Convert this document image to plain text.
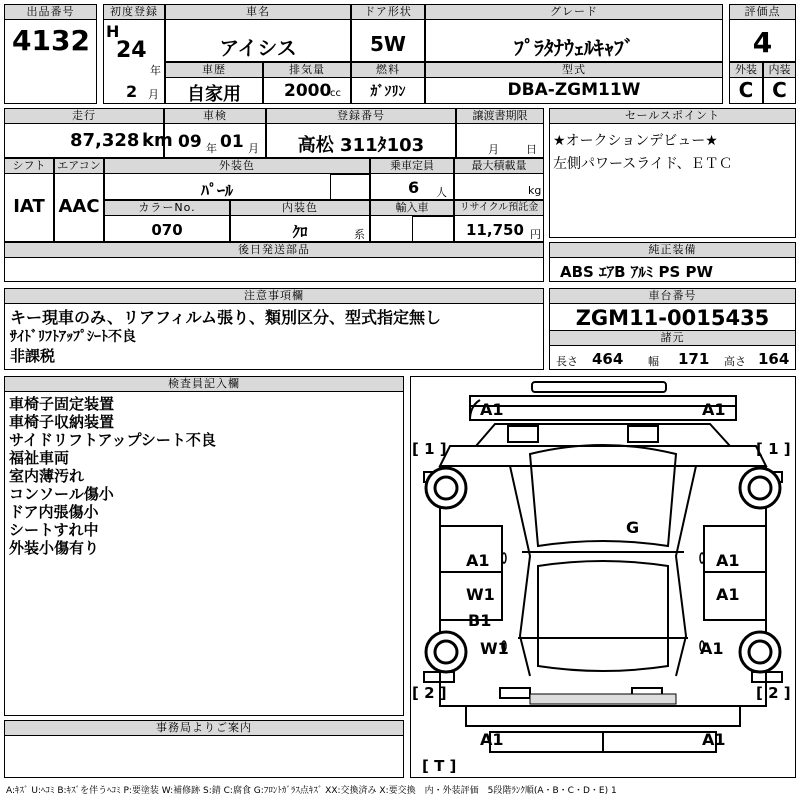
出品番号
4132
初度登録
H
24
年
2 月
車名
アイシス
ドア形状
5W
グレード
ﾌﾟﾗﾀﾅｳｪﾙｷｬﾌﾞ
評価点
4
車歴
自家用
排気量
2000
cc
燃料
ｶﾞｿﾘﾝ
型式
DBA-ZGM11W
外装
C
内装
C
走行
87,328 km
車検
09 年 01 月
登録番号
高松 311ﾀ103
譲渡書期限
月 日
セールスポイント
★オークションデビュー★
左側パワースライド、ＥＴＣ
シフト
IAT
エアコン
AAC
外装色
ﾊﾟｰﾙ
乗車定員
6 人
最大積載量
kg
カラーNo.
070
内装色
ｸﾛ	系
輸入車	リサイクル預託金
11,750 円
後日発送部品	純正装備
ABS ｴｱB ｱﾙﾐ PS PW
注意事項欄
キー現車のみ、リアフィルム張り、類別区分、型式指定無し
ｻｲﾄﾞﾘﾌﾄｱｯﾌﾟｼｰﾄ不良
非課税
車台番号
ZGM11-0015435
諸元
長さ 464 幅 171 高さ 164
検査員記入欄
車椅子固定装置
車椅子収納装置
サイドリフトアップシート不良
福祉車両
室内薄汚れ
コンソール傷小
ドア内張傷小
シートすれ中
外装小傷有り
事務局よりご案内
A1	A1
G
A1	A1
W1	A1
B1
W1	A1
A1	A1
[ 1 ]	[ 1 ]
[ 2 ]	[ 2 ]
[ T ]
A:ｷｽﾞ U:ﾍｺﾐ B:ｷｽﾞを伴うﾍｺﾐ P:要塗装 W:補修跡 S:錆 C:腐食 G:ﾌﾛﾝﾄｶﾞﾗｽ点ｷｽﾞ XX:交換済み X:要交換　内・外装評価　5段階ﾗﾝｸ順(A・B・C・D・E) 1
